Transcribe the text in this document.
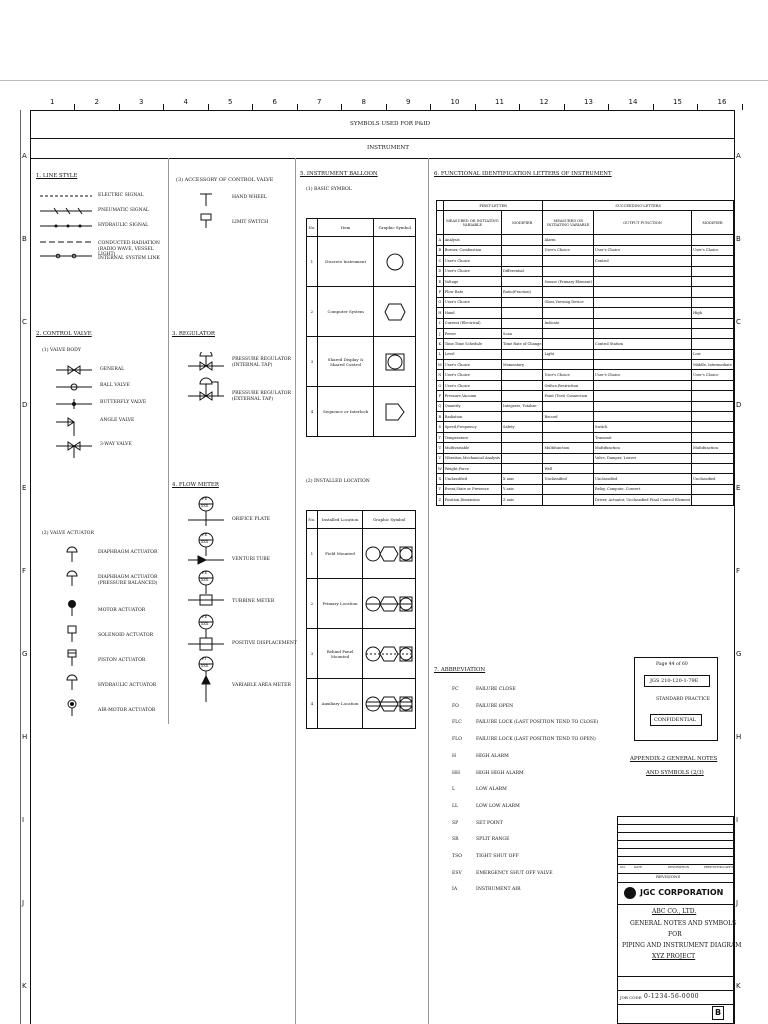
1	2	3	4	5	6	7	8	9	10	11	12	13	14	15	16
A	A
B	B
C	C
D	D
E	E
F	F
G	G
H	H
I	I
J	J
K	K
SYMBOLS USED FOR P&ID
INSTRUMENT
1. LINE STYLE
ELECTRIC SIGNAL
PNEUMATIC SIGNAL
HYDRAULIC SIGNAL
CONDUCTED RADIATION (RADIO WAVE, VESSEL LIGHT)
INTERNAL SYSTEM LINK
2. CONTROL VALVE
(1) VALVE BODY
GENERAL
BALL VALVE
BUTTERFLY VALVE
ANGLE VALVE
3-WAY VALVE
(2) VALVE ACTUATOR
DIAPHRAGM ACTUATOR
DIAPHRAGM ACTUATOR (PRESSURE BALANCED)
MOTOR ACTUATOR
SOLENOID ACTUATOR
PISTON ACTUATOR
HYDRAULIC ACTUATOR
AIR-MOTOR ACTUATOR
(3) ACCESSORY OF CONTROL VALVE
HAND WHEEL
LIMIT SWITCH
3. REGULATOR
PRESSURE REGULATOR (INTERNAL TAP)
PRESSURE REGULATOR (EXTERNAL TAP)
4. FLOW METER
FE
XXX
FE
XXX
FE
XXX
FE
XXX
FI
XXX
ORIFICE PLATE
VENTURI TUBE
TURBINE METER
POSITIVE DISPLACEMENT
VARIABLE AREA METER
5. INSTRUMENT BALLOON
(1) BASIC SYMBOL
No.	Item	Graphic Symbol
1	Discrete Instrument	

2	Computer System	

3	Shared Display & Shared Control	

4	Sequence or Interlock	
(2) INSTALLED LOCATION
No.	Installed Location	Graphic Symbol
1	Field Mounted	

2	Primary Location	

3	Behind Panel Mounted	

4	Auxiliary Location	
6. FUNCTIONAL IDENTIFICATION LETTERS OF INSTRUMENT
	FIRST-LETTER		SUCCEEDING-LETTERS		
	MEASURED OR INITIATING VARIABLE	MODIFIER	MEASURED OR INITIATING VARIABLE	OUTPUT FUNCTION	MODIFIER
A	Analysis		Alarm		
B	Burner, Combustion		User's Choice	User's Choice	User's Choice
C	User's Choice			Control	
D	User's Choice	Differential			
E	Voltage		Sensor (Primary Element)		
F	Flow Rate	Ratio(Fraction)			
G	User's Choice		Glass,Viewing Device		
H	Hand				High
I	Current (Electrical)		Indicate		
J	Power	Scan			
K	Time,Time Schedule	Time Rate of Change		Control Station	
L	Level		Light		Low
M	User's Choice	Momentary			Middle, Intermediate
N	User's Choice		User's Choice	User's Choice	User's Choice
O	User's Choice		Orifice,Restriction		
P	Pressure,Vacuum		Point (Test) Connection		
Q	Quantity	Integrate, Totalize			
R	Radiation		Record		
S	Speed,Frequency	Safety		Switch	
T	Temperature			Transmit	
U	Multivariable		Multifunction	Multifunction	Multifunction
V	Vibration,Mechanical Analysis			Valve, Damper, Louver	
W	Weight,Force		Well		
X	Unclassified	X axis	Unclassified	Unclassified	Unclassified
Y	Event,State or Presence	Y axis		Relay, Compute, Convert	
Z	Position,Dimension	Z axis		Driver, Actuator, Unclassified Final Control Element	
7. ABBREVIATION
FC	FAILURE CLOSE
FO	FAILURE OPEN
FLC	FAILURE LOCK (LAST POSITION TEND TO CLOSE)
FLO	FAILURE LOCK (LAST POSITION TEND TO OPEN)
H	HIGH ALARM
HH	HIGH HIGH ALARM
L	LOW ALARM
LL	LOW LOW ALARM
SP	SET POINT
SR	SPLIT RANGE
TSO	TIGHT SHUT OFF
ESV	EMERGENCY SHUT OFF VALVE
IA	INSTRUMENT AIR
Page 44 of 60
JGS 210-120-1-79E
STANDARD PRACTICE
CONFIDENTIAL
APPENDIX-2 GENERAL NOTES
AND SYMBOLS (2/3)
NO.	DATE	DESCRIPTION	PREP'D CHK'D APP'D
REVISIONS
JGC CORPORATION
ABC CO., LTD.
GENERAL NOTES AND SYMBOLS
FOR
PIPING AND INSTRUMENT DIAGRAM
XYZ PROJECT
JOB CODE 0-1234-56-0000
B
